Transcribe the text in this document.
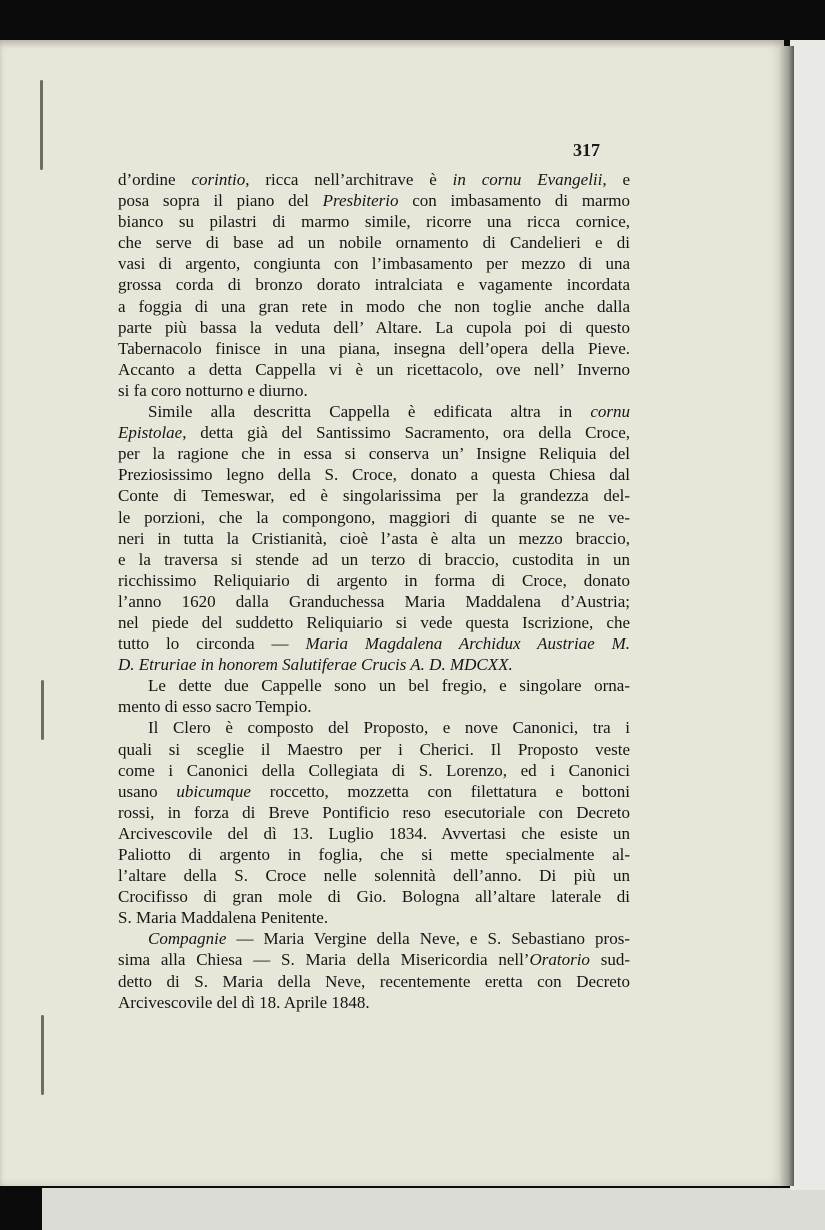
317
d’ordine corintio, ricca nell’architrave è in cornu Evangelii, e
posa sopra il piano del Presbiterio con imbasamento di marmo
bianco su pilastri di marmo simile, ricorre una ricca cornice,
che serve di base ad un nobile ornamento di Candelieri e di
vasi di argento, congiunta con l’imbasamento per mezzo di una
grossa corda di bronzo dorato intralciata e vagamente incordata
a foggia di una gran rete in modo che non toglie anche dalla
parte più bassa la veduta dell’ Altare. La cupola poi di questo
Tabernacolo finisce in una piana, insegna dell’opera della Pieve.
Accanto a detta Cappella vi è un ricettacolo, ove nell’ Inverno
si fa coro notturno e diurno.
Simile alla descritta Cappella è edificata altra in cornu
Epistolae, detta già del Santissimo Sacramento, ora della Croce,
per la ragione che in essa si conserva un’ Insigne Reliquia del
Preziosissimo legno della S. Croce, donato a questa Chiesa dal
Conte di Temeswar, ed è singolarissima per la grandezza del-
le porzioni, che la compongono, maggiori di quante se ne ve-
neri in tutta la Cristianità, cioè l’asta è alta un mezzo braccio,
e la traversa si stende ad un terzo di braccio, custodita in un
ricchissimo Reliquiario di argento in forma di Croce, donato
l’anno 1620 dalla Granduchessa Maria Maddalena d’Austria;
nel piede del suddetto Reliquiario si vede questa Iscrizione, che
tutto lo circonda — Maria Magdalena Archidux Austriae M.
D. Etruriae in honorem Salutiferae Crucis A. D. MDCXX.
Le dette due Cappelle sono un bel fregio, e singolare orna-
mento di esso sacro Tempio.
Il Clero è composto del Proposto, e nove Canonici, tra i
quali si sceglie il Maestro per i Cherici. Il Proposto veste
come i Canonici della Collegiata di S. Lorenzo, ed i Canonici
usano ubicumque roccetto, mozzetta con filettatura e bottoni
rossi, in forza di Breve Pontificio reso esecutoriale con Decreto
Arcivescovile del dì 13. Luglio 1834. Avvertasi che esiste un
Paliotto di argento in foglia, che si mette specialmente al-
l’altare della S. Croce nelle solennità dell’anno. Di più un
Crocifisso di gran mole di Gio. Bologna all’altare laterale di
S. Maria Maddalena Penitente.
Compagnie — Maria Vergine della Neve, e S. Sebastiano pros-
sima alla Chiesa — S. Maria della Misericordia nell’Oratorio sud-
detto di S. Maria della Neve, recentemente eretta con Decreto
Arcivescovile del dì 18. Aprile 1848.
